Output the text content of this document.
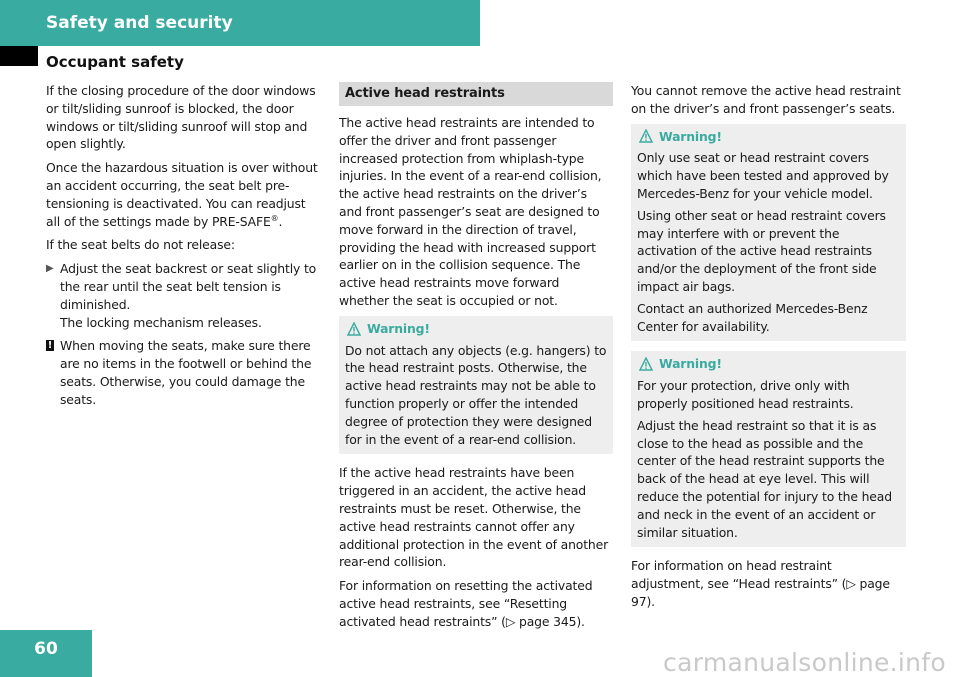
Safety and security
Occupant safety

If the closing procedure of the door windows or tilt/sliding sunroof is blocked, the door windows or tilt/sliding sunroof will stop and open slightly.

Once the hazardous situation is over without an accident occurring, the seat belt pre-tensioning is deactivated. You can readjust all of the settings made by PRE-SAFE®.

If the seat belts do not release:

▶ Adjust the seat backrest or seat slightly to the rear until the seat belt tension is diminished.
The locking mechanism releases.

! When moving the seats, make sure there are no items in the footwell or behind the seats. Otherwise, you could damage the seats.

Active head restraints

The active head restraints are intended to offer the driver and front passenger increased protection from whiplash-type injuries. In the event of a rear-end collision, the active head restraints on the driver’s and front passenger’s seat are designed to move forward in the direction of travel, providing the head with increased support earlier on in the collision sequence. The active head restraints move forward whether the seat is occupied or not.

Warning!

Do not attach any objects (e.g. hangers) to the head restraint posts. Otherwise, the active head restraints may not be able to function properly or offer the intended degree of protection they were designed for in the event of a rear-end collision.

If the active head restraints have been triggered in an accident, the active head restraints must be reset. Otherwise, the active head restraints cannot offer any additional protection in the event of another rear-end collision.

For information on resetting the activated active head restraints, see “Resetting activated head restraints” (▷ page 345).

You cannot remove the active head restraint on the driver’s and front passenger’s seats.

Warning!

Only use seat or head restraint covers which have been tested and approved by Mercedes-Benz for your vehicle model.

Using other seat or head restraint covers may interfere with or prevent the activation of the active head restraints and/or the deployment of the front side impact air bags.

Contact an authorized Mercedes-Benz Center for availability.

Warning!

For your protection, drive only with properly positioned head restraints.

Adjust the head restraint so that it is as close to the head as possible and the center of the head restraint supports the back of the head at eye level. This will reduce the potential for injury to the head and neck in the event of an accident or similar situation.

For information on head restraint adjustment, see “Head restraints” (▷ page 97).

60	carmanualsonline.info
